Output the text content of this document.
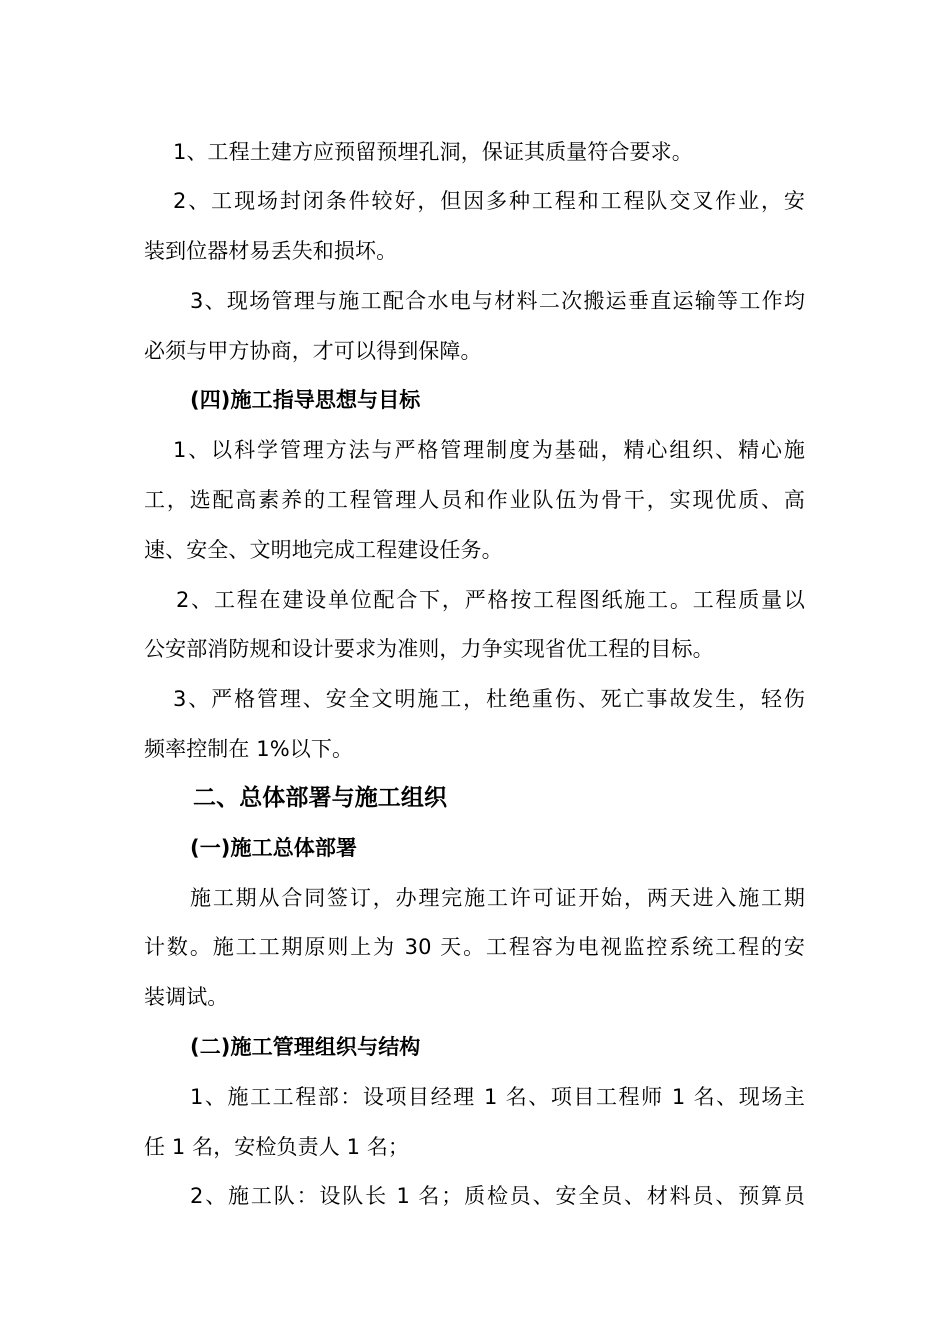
1、工程土建方应预留预埋孔洞，保证其质量符合要求。
2、工现场封闭条件较好，但因多种工程和工程队交叉作业，安
装到位器材易丢失和损坏。
3、现场管理与施工配合水电与材料二次搬运垂直运输等工作均
必须与甲方协商，才可以得到保障。
(四)施工指导思想与目标
1、以科学管理方法与严格管理制度为基础，精心组织、精心施
工，选配高素养的工程管理人员和作业队伍为骨干，实现优质、高
速、安全、文明地完成工程建设任务。
2、工程在建设单位配合下，严格按工程图纸施工。工程质量以
公安部消防规和设计要求为准则，力争实现省优工程的目标。
3、严格管理、安全文明施工，杜绝重伤、死亡事故发生，轻伤
频率控制在 1%以下。
二、总体部署与施工组织
(一)施工总体部署
施工期从合同签订，办理完施工许可证开始，两天进入施工期
计数。施工工期原则上为 30 天。工程容为电视监控系统工程的安
装调试。
(二)施工管理组织与结构
1、施工工程部：设项目经理 1 名、项目工程师 1 名、现场主
任 1 名，安检负责人 1 名；
2、施工队：设队长 1 名；质检员、安全员、材料员、预算员
